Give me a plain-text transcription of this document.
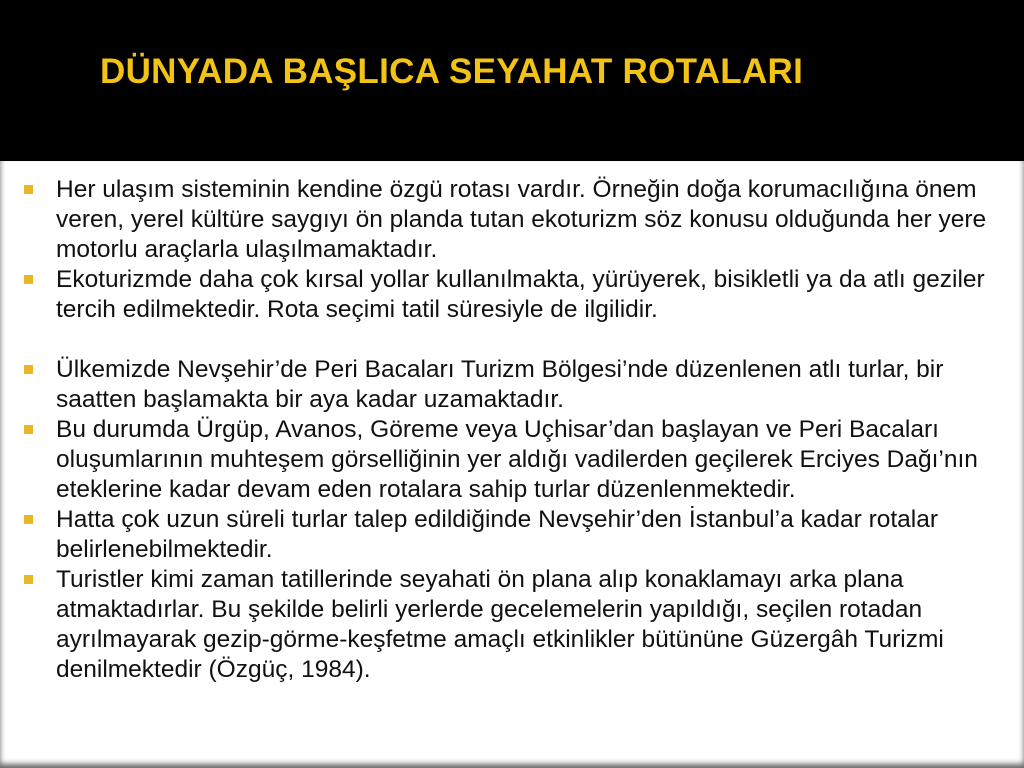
DÜNYADA BAŞLICA SEYAHAT ROTALARI
Her ulaşım sisteminin kendine özgü rotası vardır. Örneğin doğa korumacılığına önem veren, yerel kültüre saygıyı ön planda tutan ekoturizm söz konusu olduğunda her yere motorlu araçlarla ulaşılmamaktadır.
Ekoturizmde daha çok kırsal yollar kullanılmakta, yürüyerek, bisikletli ya da atlı geziler tercih edilmektedir. Rota seçimi tatil süresiyle de ilgilidir.
Ülkemizde Nevşehir’de Peri Bacaları Turizm Bölgesi’nde düzenlenen atlı turlar, bir saatten başlamakta bir aya kadar uzamaktadır.
Bu durumda Ürgüp, Avanos, Göreme veya Uçhisar’dan başlayan ve Peri Bacaları oluşumlarının muhteşem görselliğinin yer aldığı vadilerden geçilerek Erciyes Dağı’nın eteklerine kadar devam eden rotalara sahip turlar düzenlenmektedir.
Hatta çok uzun süreli turlar talep edildiğinde Nevşehir’den İstanbul’a kadar rotalar belirlenebilmektedir.
Turistler kimi zaman tatillerinde seyahati ön plana alıp konaklamayı arka plana atmaktadırlar. Bu şekilde belirli yerlerde gecelemelerin yapıldığı, seçilen rotadan ayrılmayarak gezip-görme-keşfetme amaçlı etkinlikler bütününe Güzergâh Turizmi denilmektedir (Özgüç, 1984).
